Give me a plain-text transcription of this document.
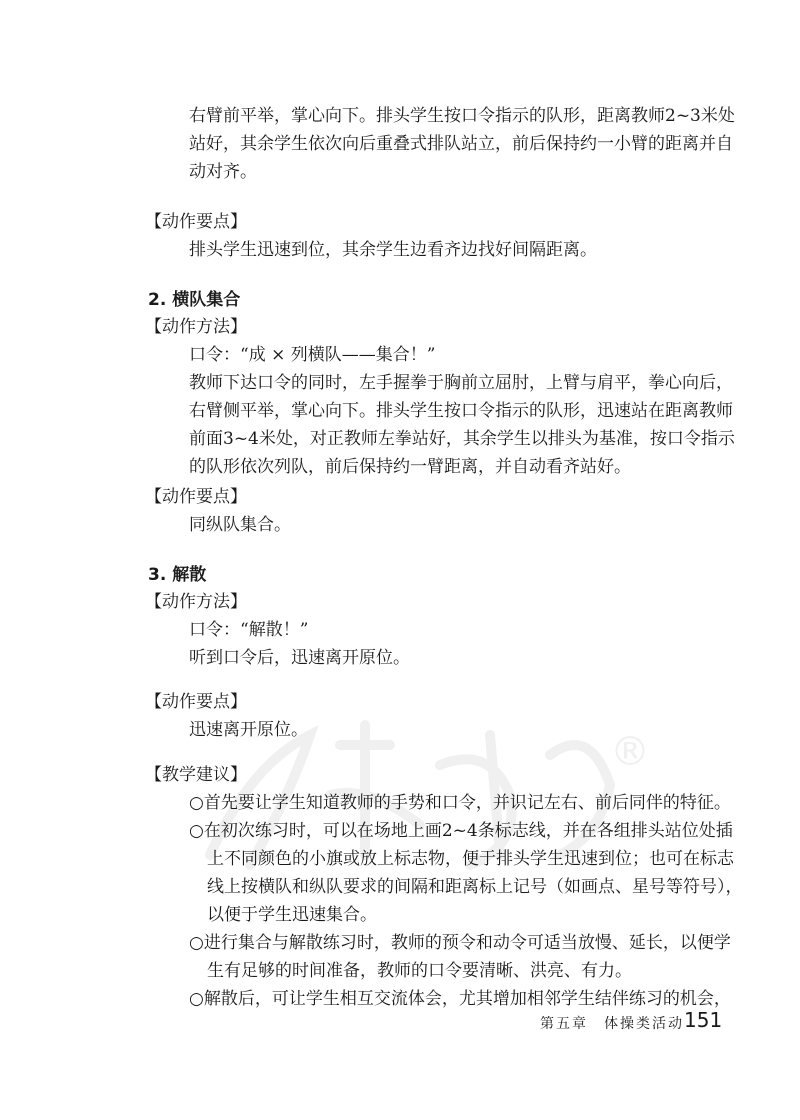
®
右臂前平举，掌心向下。排头学生按口令指示的队形，距离教师2~3米处
站好，其余学生依次向后重叠式排队站立，前后保持约一小臂的距离并自
动对齐。
【动作要点】
排头学生迅速到位，其余学生边看齐边找好间隔距离。
2. 横队集合
【动作方法】
口令：“成 × 列横队——集合！”
教师下达口令的同时，左手握拳于胸前立屈肘，上臂与肩平，拳心向后，
右臂侧平举，掌心向下。排头学生按口令指示的队形，迅速站在距离教师
前面3~4米处，对正教师左拳站好，其余学生以排头为基准，按口令指示
的队形依次列队，前后保持约一臂距离，并自动看齐站好。
【动作要点】
同纵队集合。
3. 解散
【动作方法】
口令：“解散！”
听到口令后，迅速离开原位。
【动作要点】
迅速离开原位。
【教学建议】
○首先要让学生知道教师的手势和口令，并识记左右、前后同伴的特征。
○在初次练习时，可以在场地上画2~4条标志线，并在各组排头站位处插
上不同颜色的小旗或放上标志物，便于排头学生迅速到位；也可在标志
线上按横队和纵队要求的间隔和距离标上记号（如画点、星号等符号），
以便于学生迅速集合。
○进行集合与解散练习时，教师的预令和动令可适当放慢、延长，以便学
生有足够的时间准备，教师的口令要清晰、洪亮、有力。
○解散后，可让学生相互交流体会，尤其增加相邻学生结伴练习的机会，
第五章　体操类活动 151
